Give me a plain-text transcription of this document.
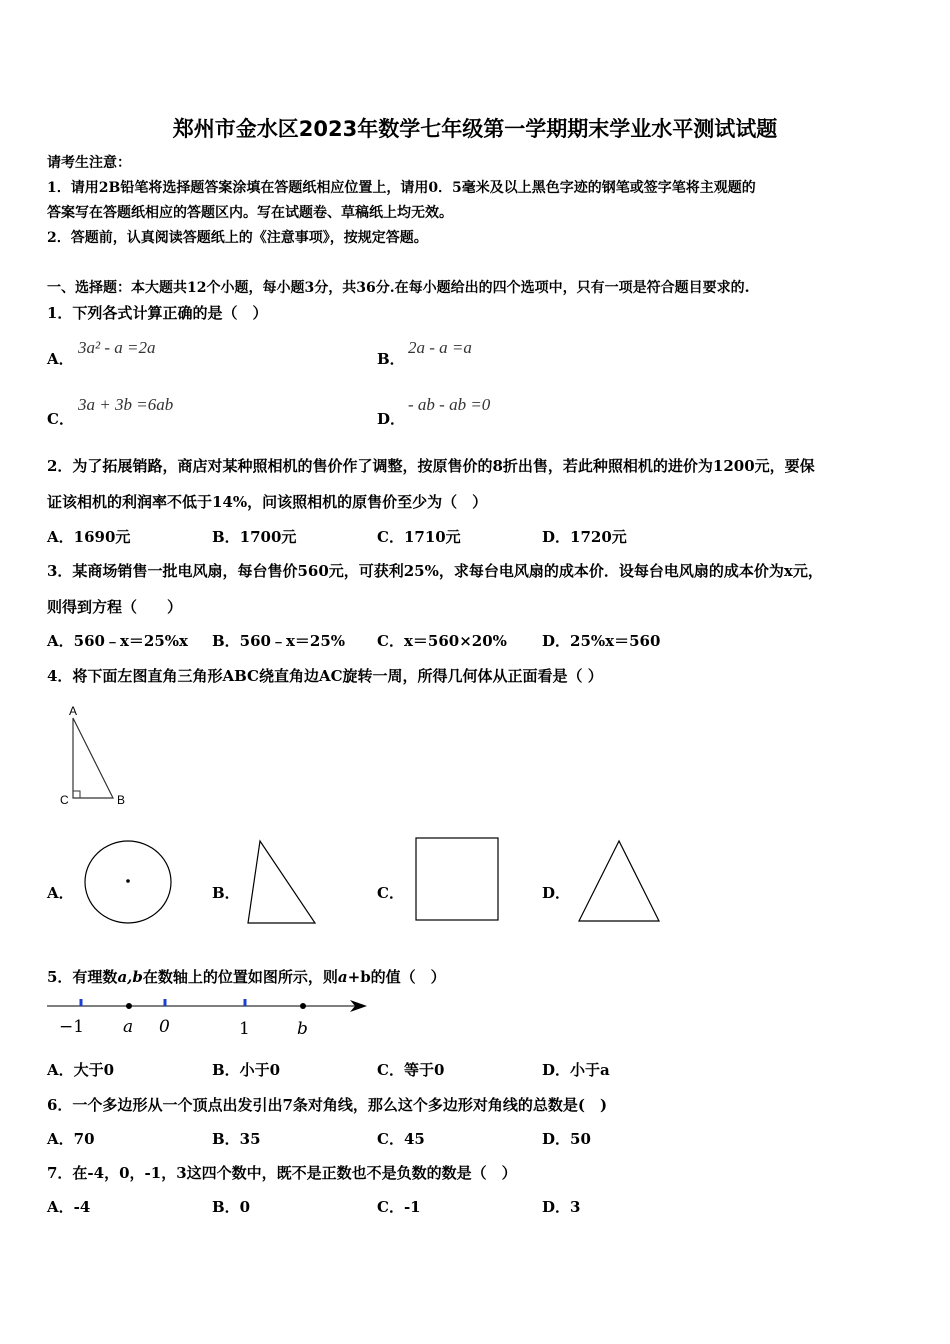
郑州市金水区2023年数学七年级第一学期期末学业水平测试试题
请考生注意：
1．请用2B铅笔将选择题答案涂填在答题纸相应位置上，请用0．5毫米及以上黑色字迹的钢笔或签字笔将主观题的
答案写在答题纸相应的答题区内。写在试题卷、草稿纸上均无效。
2．答题前，认真阅读答题纸上的《注意事项》，按规定答题。
一、选择题：本大题共12个小题，每小题3分，共36分.在每小题给出的四个选项中，只有一项是符合题目要求的.
1．下列各式计算正确的是（　）
A．
3a² - a =2a
B．
2a - a =a
C．
3a + 3b =6ab
D．
- ab - ab =0
2．为了拓展销路，商店对某种照相机的售价作了调整，按原售价的8折出售，若此种照相机的进价为1200元，要保
证该相机的利润率不低于14%，问该照相机的原售价至少为（　）
A．1690元	B．1700元	C．1710元	D．1720元
3．某商场销售一批电风扇，每台售价560元，可获利25%，求每台电风扇的成本价．设每台电风扇的成本价为x元，
则得到方程（　　）
A．560﹣x＝25%x B．560﹣x＝25% C．x＝560×20% D．25%x＝560
4．将下面左图直角三角形ABC绕直角边AC旋转一周，所得几何体从正面看是（ ）
A
C	B
A．	B．	C．	D．
5．有理数a,b在数轴上的位置如图所示，则a+b的值（　）
−1 a 0	1	b
A．大于0	B．小于0	C．等于0	D．小于a
6．一个多边形从一个顶点出发引出7条对角线，那么这个多边形对角线的总数是(　)
A．70	B．35	C．45	D．50
7．在-4，0，-1，3这四个数中，既不是正数也不是负数的数是（　）
A．-4	B．0	C．-1	D．3
